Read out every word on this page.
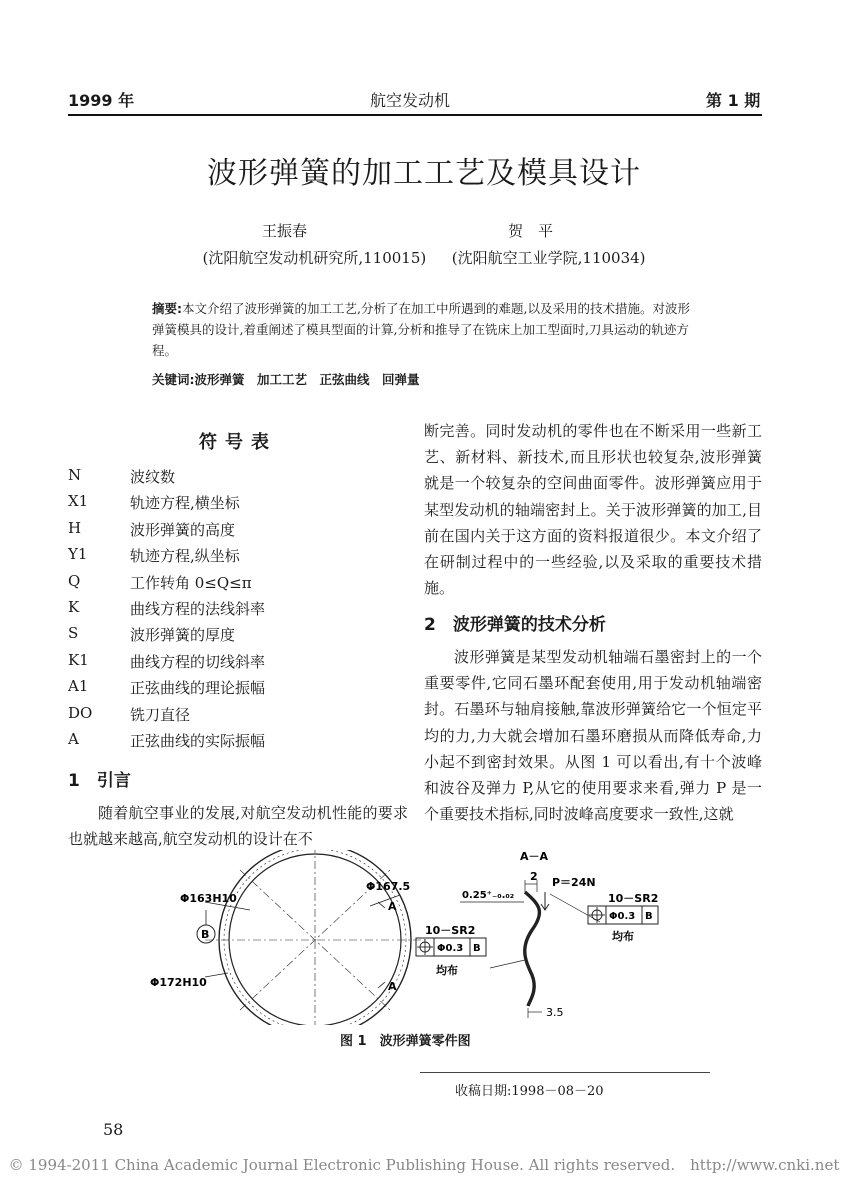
1999 年	航空发动机	第 1 期
波形弹簧的加工工艺及模具设计
王振春	贺　平
(沈阳航空发动机研究所,110015) (沈阳航空工业学院,110034)
摘要:本文介绍了波形弹簧的加工工艺,分析了在加工中所遇到的难题,以及采用的技术措施。对波形弹簧模具的设计,着重阐述了模具型面的计算,分析和推导了在铣床上加工型面时,刀具运动的轨迹方程。
关键词:波形弹簧　加工工艺　正弦曲线　回弹量
符号表
N	波纹数
X1	轨迹方程,横坐标
H	波形弹簧的高度
Y1	轨迹方程,纵坐标
Q	工作转角 0≤Q≤π
K	曲线方程的法线斜率
S	波形弹簧的厚度
K1	曲线方程的切线斜率
A1	正弦曲线的理论振幅
DO	铣刀直径
A	正弦曲线的实际振幅
1　引言

随着航空事业的发展,对航空发动机性能的要求也就越来越高,航空发动机的设计在不

断完善。同时发动机的零件也在不断采用一些新工艺、新材料、新技术,而且形状也较复杂,波形弹簧就是一个较复杂的空间曲面零件。波形弹簧应用于某型发动机的轴端密封上。关于波形弹簧的加工,目前在国内关于这方面的资料报道很少。本文介绍了在研制过程中的一些经验,以及采取的重要技术措施。

2　波形弹簧的技术分析

波形弹簧是某型发动机轴端石墨密封上的一个重要零件,它同石墨环配套使用,用于发动机轴端密封。石墨环与轴肩接触,靠波形弹簧给它一个恒定平均的力,力大就会增加石墨环磨损从而降低寿命,力小起不到密封效果。从图 1 可以看出,有十个波峰和波谷及弹力 P,从它的使用要求来看,弹力 P 是一个重要技术指标,同时波峰高度要求一致性,这就

Φ163H10
Φ167.5
B
Φ172H10
A
A
A－A
2
0.25⁺₋₀.₀₂
P＝24N
10－SR2
Φ0.3 B
均布
10－SR2
Φ0.3 B
均布
3.5
图 1　波形弹簧零件图
收稿日期:1998－08－20
58
© 1994-2011 China Academic Journal Electronic Publishing House. All rights reserved.　http://www.cnki.net
